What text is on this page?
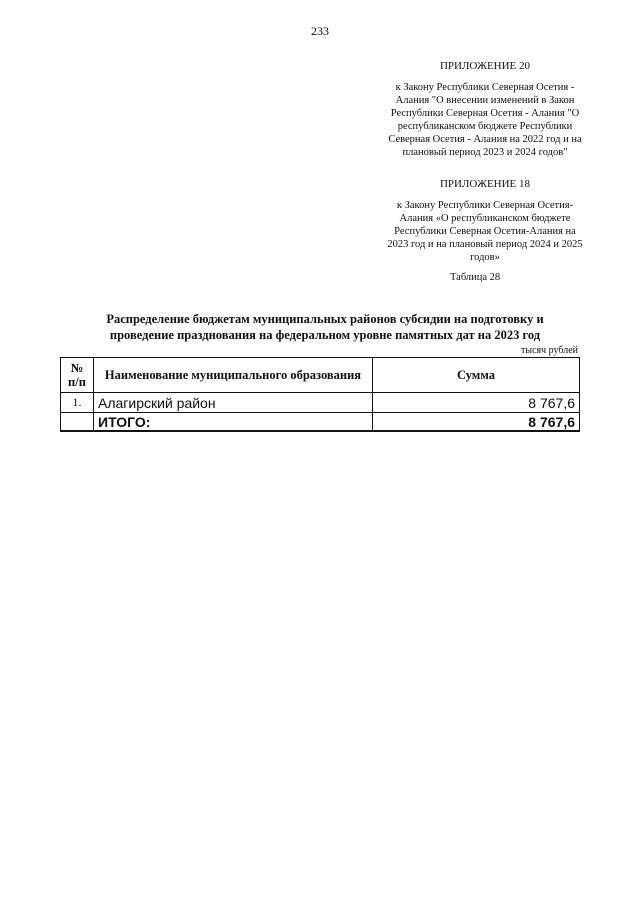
233
ПРИЛОЖЕНИЕ 20
к Закону Республики Северная Осетия -
Алания "О внесении изменений в Закон
Республики Северная Осетия - Алания "О
республиканском бюджете Республики
Северная Осетия - Алания на 2022 год и на
плановый период 2023 и 2024 годов"
ПРИЛОЖЕНИЕ 18
к Закону Республики Северная Осетия-
Алания «О республиканском бюджете
Республики Северная Осетия-Алания на
2023 год и на плановый период 2024 и 2025
годов»
Таблица 28
Распределение бюджетам муниципальных районов субсидии на подготовку и
проведение празднования на федеральном уровне памятных дат на 2023 год
тысяч рублей
№ п/п	Наименование муниципального образования	Сумма
1.	Алагирский район	8 767,6
	ИТОГО:	8 767,6
